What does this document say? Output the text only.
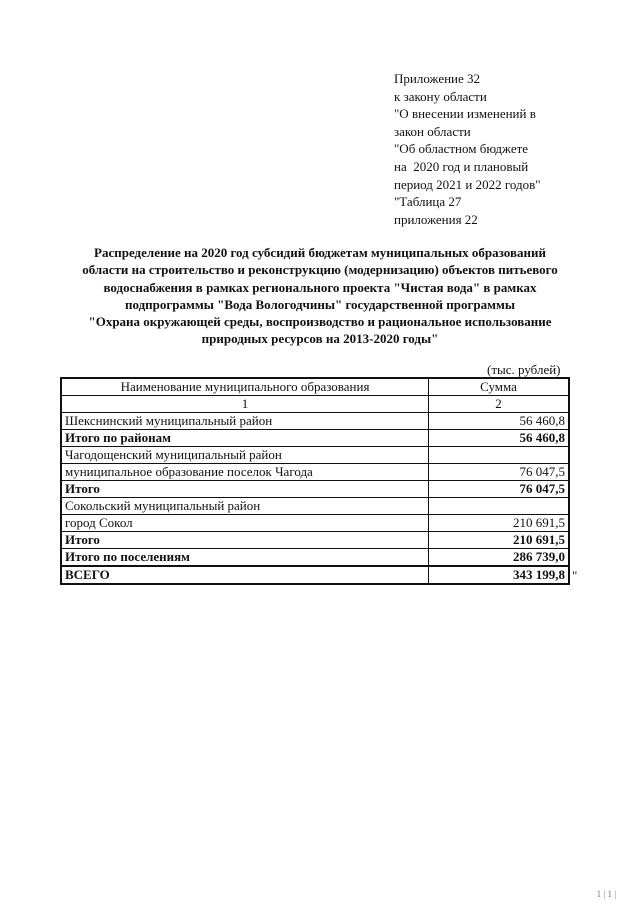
Приложение 32
к закону области
"О внесении изменений в
закон области
"Об областном бюджете
на  2020 год и плановый
период 2021 и 2022 годов"
"Таблица 27
приложения 22
Распределение на 2020 год субсидий бюджетам муниципальных образований
области на строительство и реконструкцию (модернизацию) объектов питьевого
водоснабжения в рамках регионального проекта "Чистая вода" в рамках
подпрограммы "Вода Вологодчины" государственной программы
"Охрана окружающей среды, воспроизводство и рациональное использование
природных ресурсов на 2013-2020 годы"
(тыс. рублей)
Наименование муниципального образования	Сумма
1	2
Шекснинский муниципальный район	56 460,8
Итого по районам	56 460,8
Чагодощенский муниципальный район	
муниципальное образование поселок Чагода	76 047,5
Итого	76 047,5
Сокольский муниципальный район	
город Сокол	210 691,5
Итого	210 691,5
Итого по поселениям	286 739,0
ВСЕГО	343 199,8 "
1 | 1 |
